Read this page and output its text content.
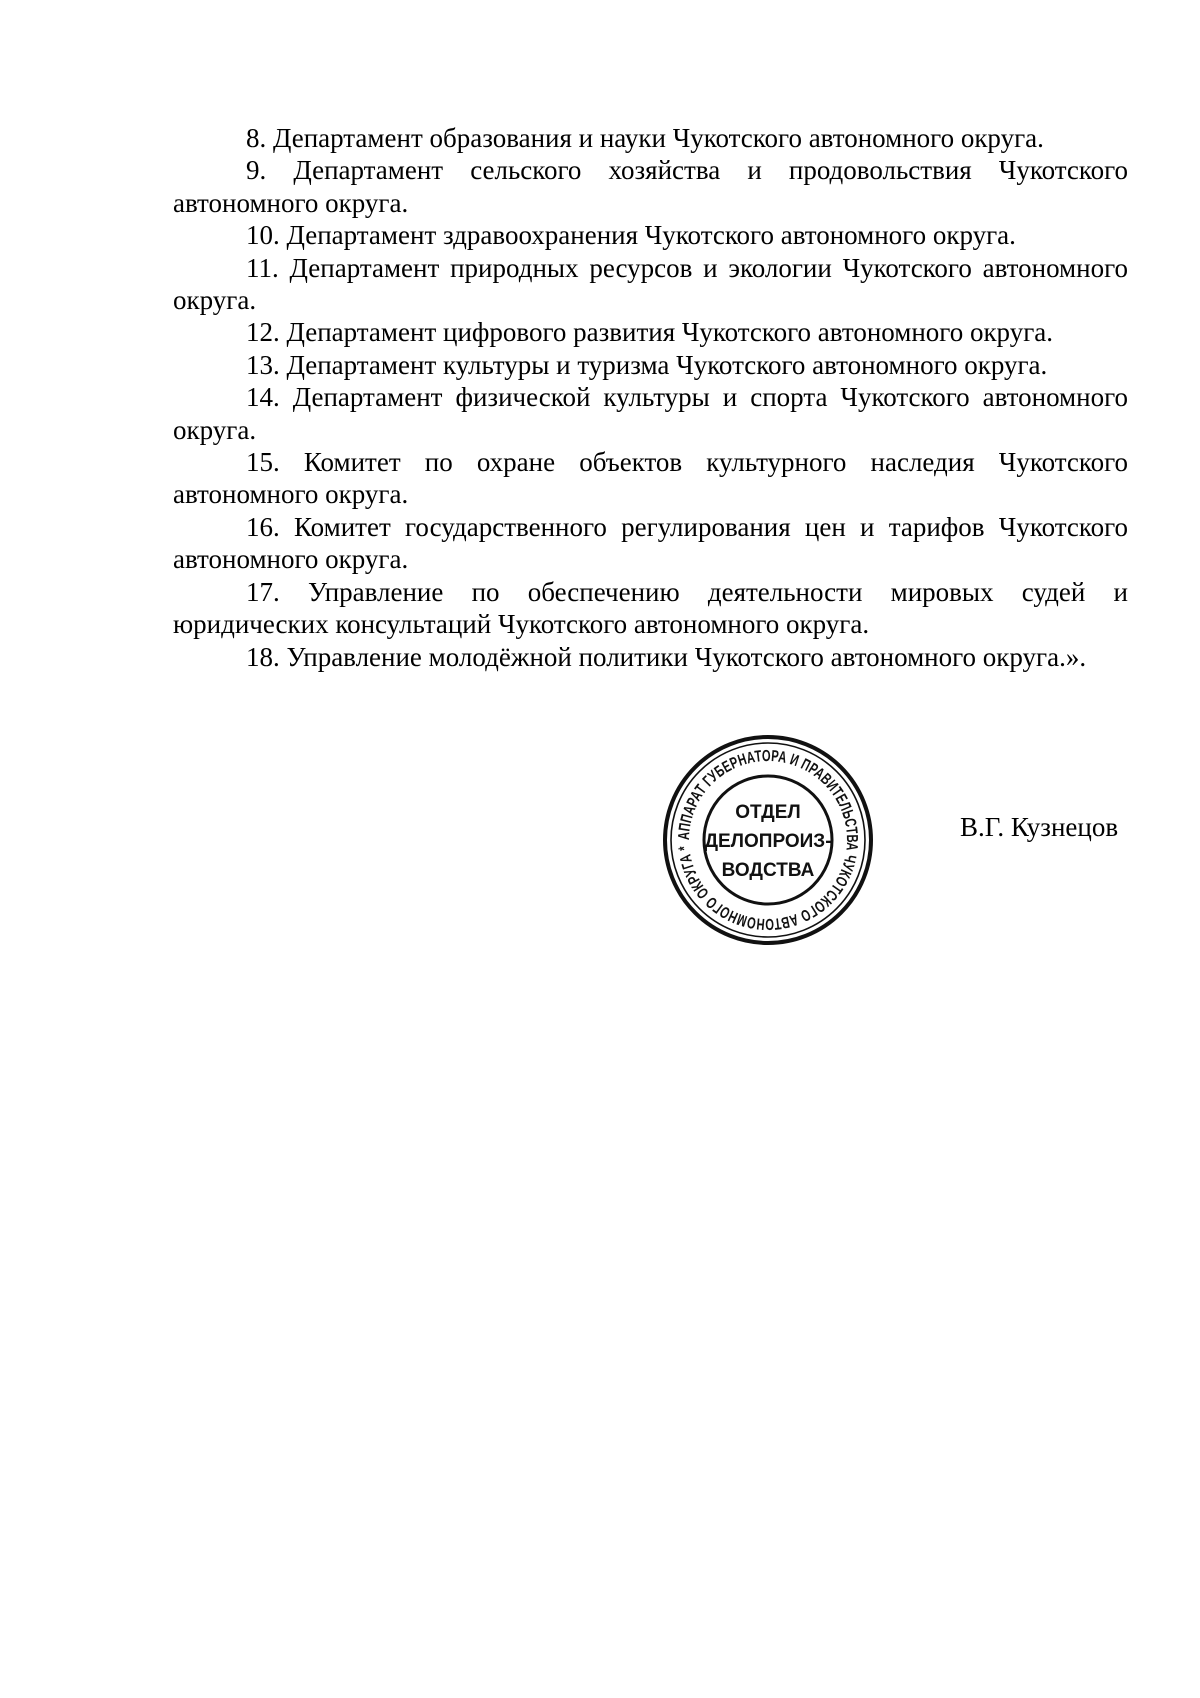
8. Департамент образования и науки Чукотского автономного округа.

9. Департамент сельского хозяйства и продовольствия Чукотского автономного округа.

10. Департамент здравоохранения Чукотского автономного округа.

11. Департамент природных ресурсов и экологии Чукотского автономного округа.

12. Департамент цифрового развития Чукотского автономного округа.

13. Департамент культуры и туризма Чукотского автономного округа.

14. Департамент физической культуры и спорта Чукотского автономного округа.

15. Комитет по охране объектов культурного наследия Чукотского автономного округа.

16. Комитет государственного регулирования цен и тарифов Чукотского автономного округа.

17. Управление по обеспечению деятельности мировых судей и юридических консультаций Чукотского автономного округа.

18. Управление молодёжной политики Чукотского автономного округа.».

АППАРАТ ГУБЕРНАТОРА И ПРАВИТЕЛЬСТВА ЧУКОТСКОГО АВТОНОМНОГО ОКРУГА *
ОТДЕЛ
ДЕЛОПРОИЗ-
ВОДСТВА
В.Г. Кузнецов
